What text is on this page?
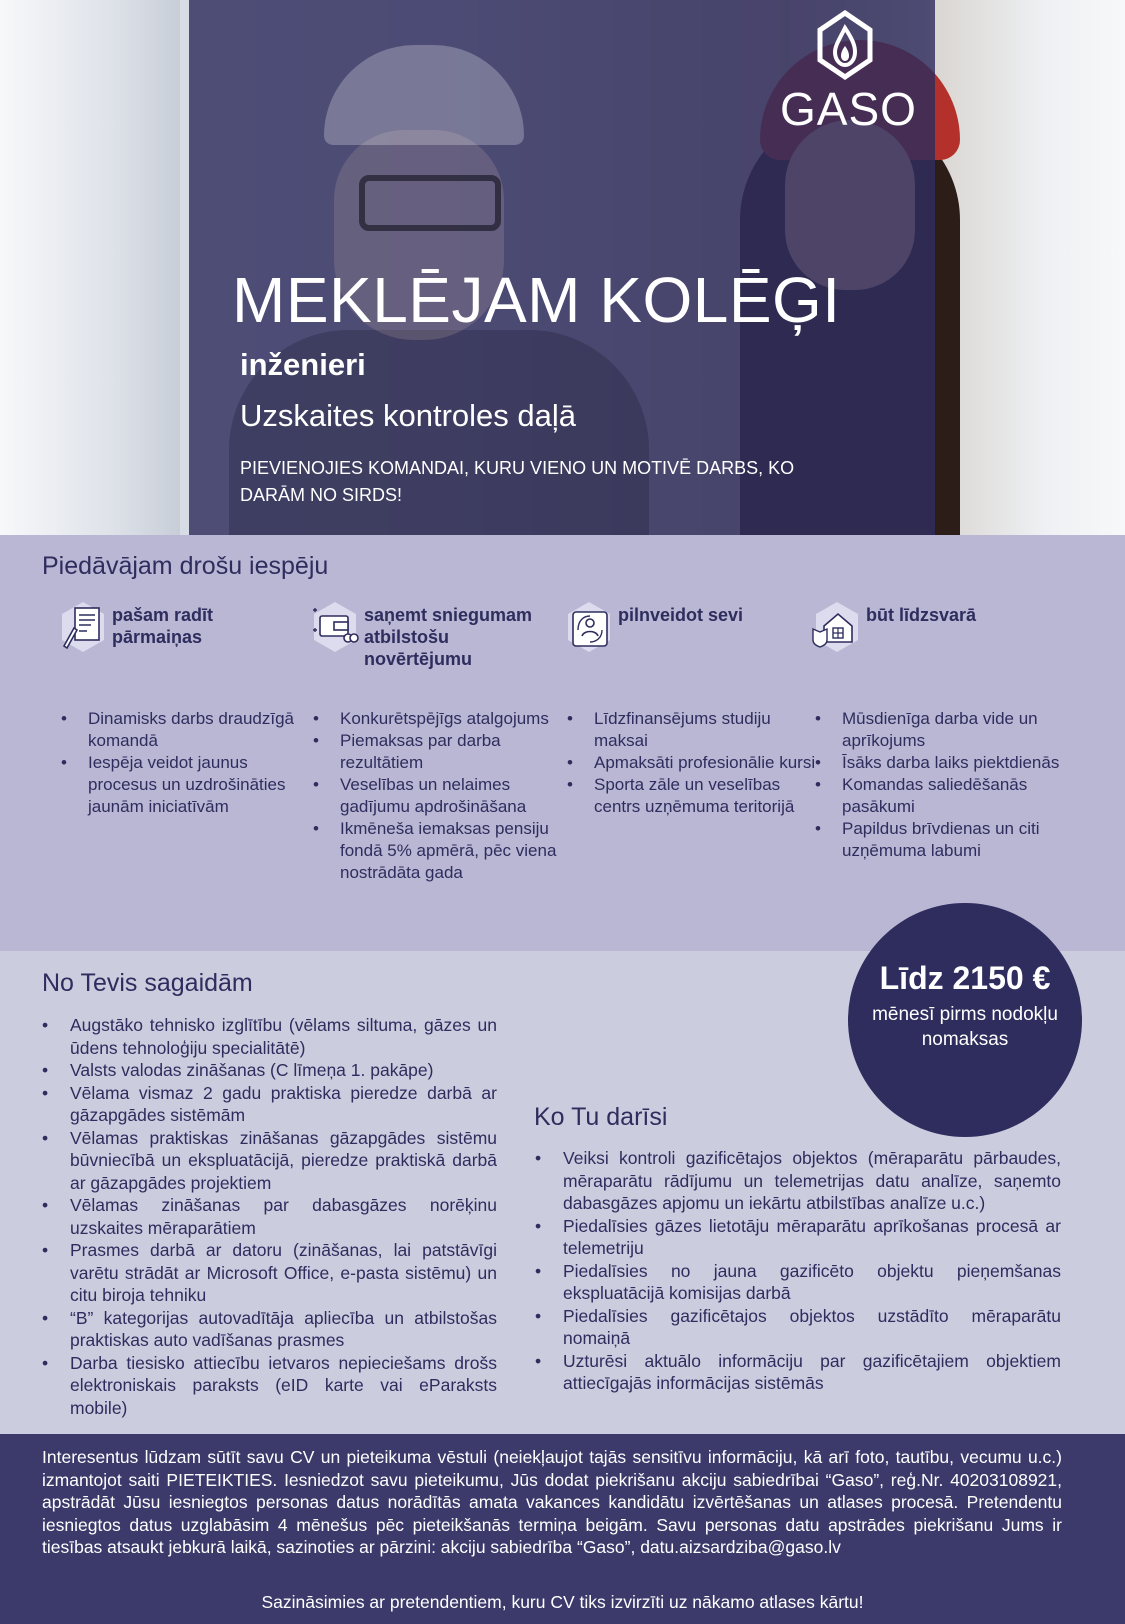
GASO
MEKLĒJAM KOLĒĢI
inženieri
Uzskaites kontroles daļā
PIEVIENOJIES KOMANDAI, KURU VIENO UN MOTIVĒ DARBS, KO DARĀM NO SIRDS!
Piedāvājam drošu iespēju
pašam radīt pārmaiņas
• Dinamisks darbs draudzīgā komandā
• Iespēja veidot jaunus procesus un uzdrošināties jaunām iniciatīvām
saņemt sniegumam atbilstošu novērtējumu
• Konkurētspējīgs atalgojums
• Piemaksas par darba rezultātiem
• Veselības un nelaimes gadījumu apdrošināšana
• Ikmēneša iemaksas pensiju fondā 5% apmērā, pēc viena nostrādāta gada
pilnveidot sevi
• Līdzfinansējums studiju maksai
• Apmaksāti profesionālie kursi
• Sporta zāle un veselības centrs uzņēmuma teritorijā
būt līdzsvarā
• Mūsdienīga darba vide un aprīkojums
• Īsāks darba laiks piektdienās
• Komandas saliedēšanās pasākumi
• Papildus brīvdienas un citi uzņēmuma labumi
No Tevis sagaidām
• Augstāko tehnisko izglītību (vēlams siltuma, gāzes un ūdens tehnoloģiju specialitātē)
• Valsts valodas zināšanas (C līmeņa 1. pakāpe)
• Vēlama vismaz 2 gadu praktiska pieredze darbā ar gāzapgādes sistēmām
• Vēlamas praktiskas zināšanas gāzapgādes sistēmu būvniecībā un ekspluatācijā, pieredze praktiskā darbā ar gāzapgādes projektiem
• Vēlamas zināšanas par dabasgāzes norēķinu uzskaites mēraparātiem
• Prasmes darbā ar datoru (zināšanas, lai patstāvīgi varētu strādāt ar Microsoft Office, e-pasta sistēmu) un citu biroja tehniku
• “B” kategorijas autovadītāja apliecība un atbilstošas praktiskas auto vadīšanas prasmes
• Darba tiesisko attiecību ietvaros nepieciešams drošs elektroniskais paraksts (eID karte vai eParaksts mobile)
Līdz 2150 €
mēnesī pirms nodokļu nomaksas
Ko Tu darīsi
• Veiksi kontroli gazificētajos objektos (mēraparātu pārbaudes, mēraparātu rādījumu un telemetrijas datu analīze, saņemto dabasgāzes apjomu un iekārtu atbilstības analīze u.c.)
• Piedalīsies gāzes lietotāju mēraparātu aprīkošanas procesā ar telemetriju
• Piedalīsies no jauna gazificēto objektu pieņemšanas ekspluatācijā komisijas darbā
• Piedalīsies gazificētajos objektos uzstādīto mēraparātu nomaiņā
• Uzturēsi aktuālo informāciju par gazificētajiem objektiem attiecīgajās informācijas sistēmās
Interesentus lūdzam sūtīt savu CV un pieteikuma vēstuli (neiekļaujot tajās sensitīvu informāciju, kā arī foto, tautību, vecumu u.c.) izmantojot saiti PIETEIKTIES. Iesniedzot savu pieteikumu, Jūs dodat piekrišanu akciju sabiedrībai “Gaso”, reģ.Nr. 40203108921, apstrādāt Jūsu iesniegtos personas datus norādītās amata vakances kandidātu izvērtēšanas un atlases procesā. Pretendentu iesniegtos datus uzglabāsim 4 mēnešus pēc pieteikšanās termiņa beigām. Savu personas datu apstrādes piekrišanu Jums ir tiesības atsaukt jebkurā laikā, sazinoties ar pārzini: akciju sabiedrība “Gaso”, datu.aizsardziba@gaso.lv
Sazināsimies ar pretendentiem, kuru CV tiks izvirzīti uz nākamo atlases kārtu!
